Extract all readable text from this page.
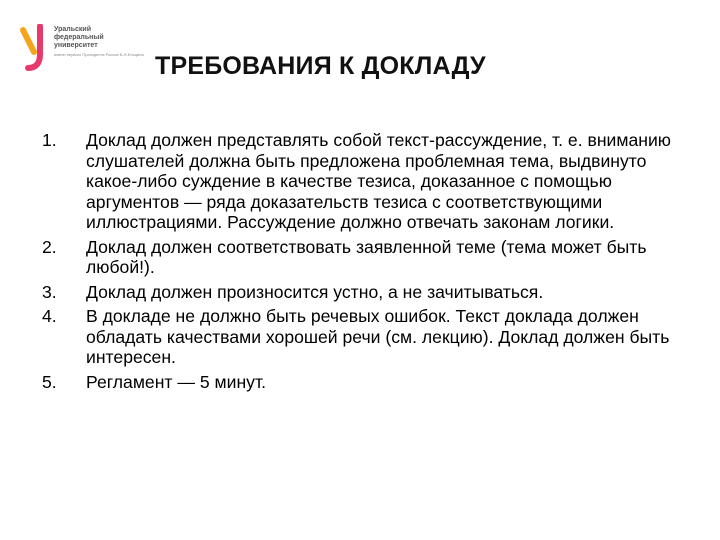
Уральский
федеральный
университет
имени первого Президента России Б.Н.Ельцина ТРЕБОВАНИЯ К ДОКЛАДУ
1. Доклад должен представлять собой текст-рассуждение, т. е. вниманию слушателей должна быть предложена проблемная тема, выдвинуто какое-либо суждение в качестве тезиса, доказанное с помощью аргументов — ряда доказательств тезиса с соответствующими иллюстрациями. Рассуждение должно отвечать законам логики.
2. Доклад должен соответствовать заявленной теме (тема может быть любой!).
3. Доклад должен произносится устно, а не зачитываться.
4. В докладе не должно быть речевых ошибок. Текст доклада должен обладать качествами хорошей речи (см. лекцию). Доклад должен быть интересен.
5. Регламент — 5 минут.
